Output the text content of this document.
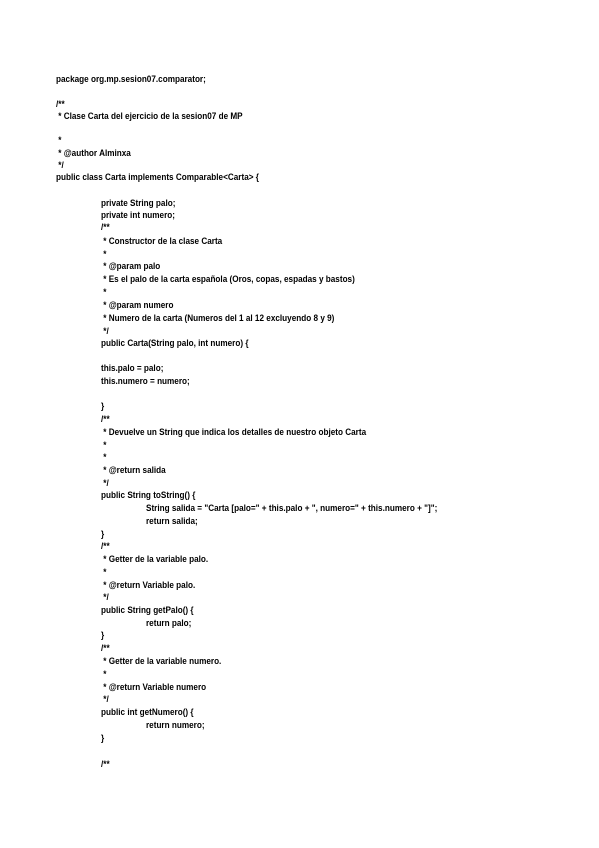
package org.mp.sesion07.comparator;
/**
* Clase Carta del ejercicio de la sesion07 de MP
*
* @author Alminxa
*/
public class Carta implements Comparable<Carta> {
private String palo;
private int numero;
/**
* Constructor de la clase Carta
*
* @param palo
* Es el palo de la carta española (Oros, copas, espadas y bastos)
*
* @param numero
* Numero de la carta (Numeros del 1 al 12 excluyendo 8 y 9)
*/
public Carta(String palo, int numero) {
this.palo = palo;
this.numero = numero;
}
/**
* Devuelve un String que indica los detalles de nuestro objeto Carta
*
*
* @return salida
*/
public String toString() {
String salida = "Carta [palo=" + this.palo + ", numero=" + this.numero + "]";
return salida;
}
/**
* Getter de la variable palo.
*
* @return Variable palo.
*/
public String getPalo() {
return palo;
}
/**
* Getter de la variable numero.
*
* @return Variable numero
*/
public int getNumero() {
return numero;
}
/**
